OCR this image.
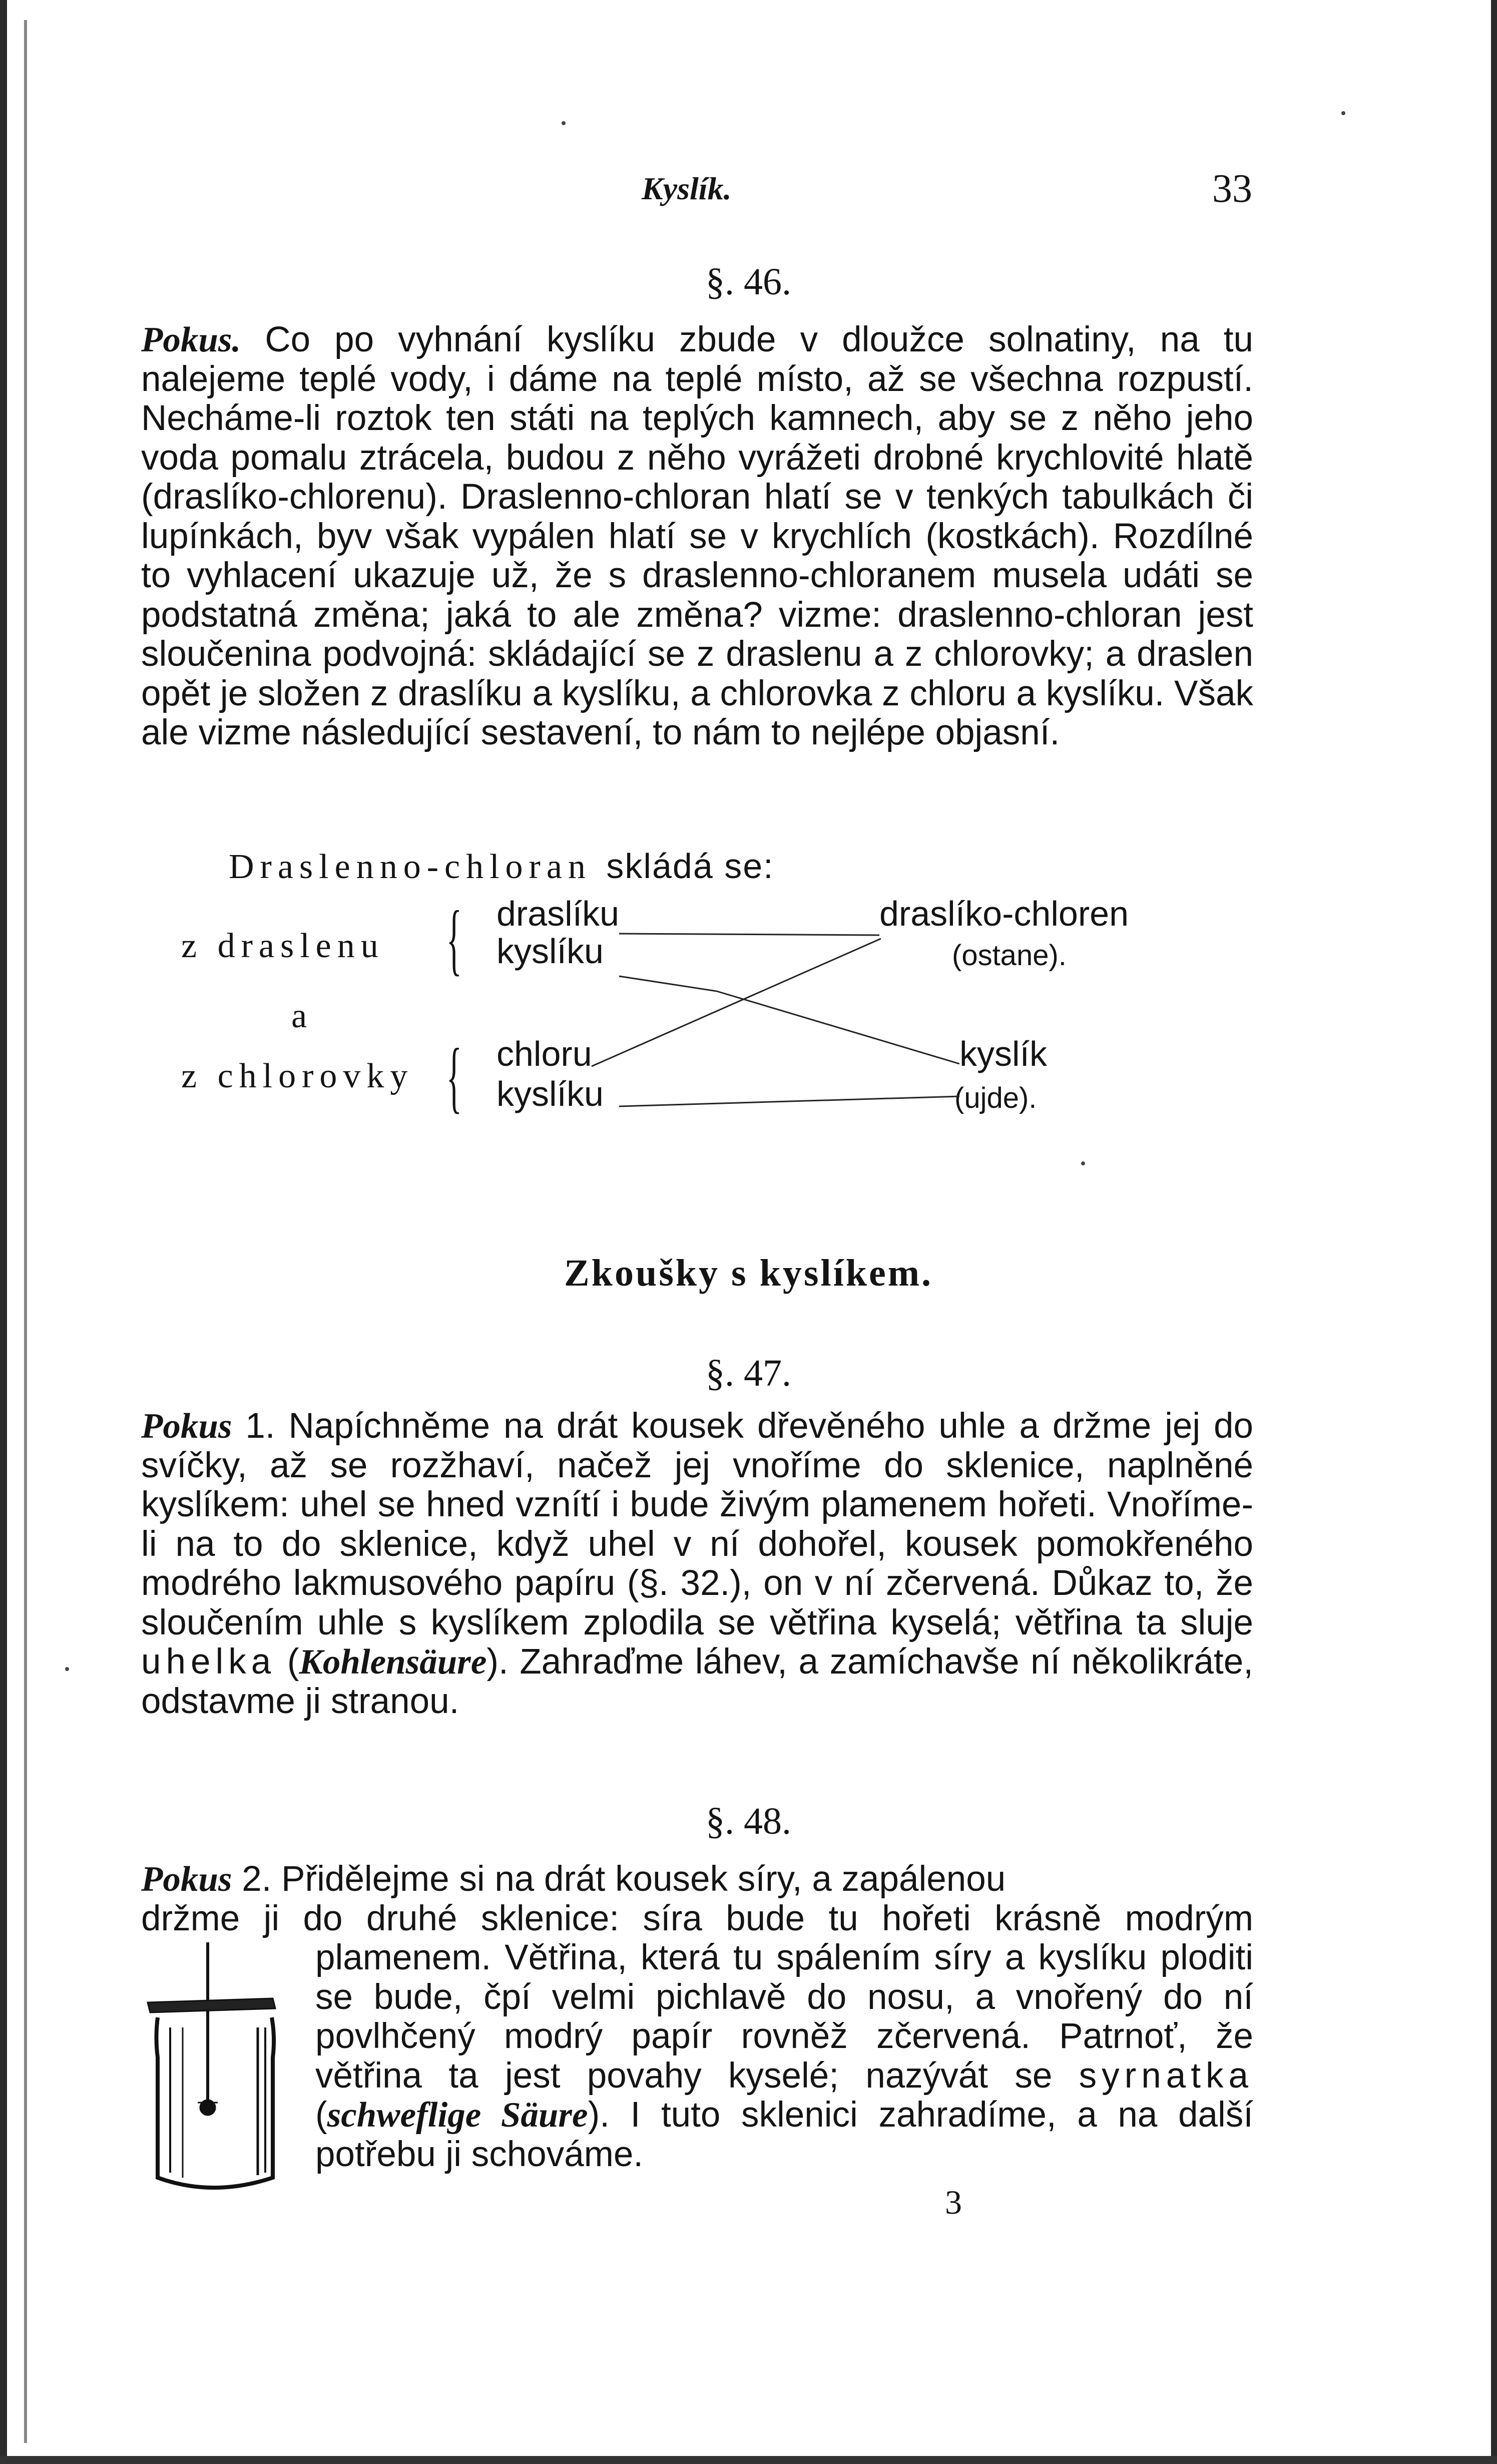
Kyslík.	33
§. 46.

Pokus. Co po vyhnání kyslíku zbude v dloužce solnatiny, na tu nalejeme teplé vody, i dáme na teplé místo, až se všechna rozpustí. Necháme-li roztok ten státi na teplých kamnech, aby se z něho jeho voda pomalu ztrácela, budou z něho vyrážeti drobné krychlovité hlatě (draslíko-chlorenu). Draslenno-chloran hlatí se v tenkých tabulkách či lupínkách, byv však vypálen hlatí se v krychlích (kostkách). Rozdílné to vyhlacení ukazuje už, že s draslenno-chloranem musela udáti se podstatná změna; jaká to ale změna? vizme: draslenno-chloran jest sloučenina podvojná: skládající se z draslenu a z chlorovky; a draslen opět je složen z draslíku a kyslíku, a chlorovka z chloru a kyslíku. Však ale vizme následující sestavení, to nám to nejlépe objasní.

Draslenno-chloran skládá se:
z draslenu
a
z chlorovky
{
{
draslíku
kyslíku
chloru
kyslíku
draslíko-chloren
(ostane).
kyslík
(ujde).
Zkoušky s kyslíkem.
§. 47.

Pokus 1. Napíchněme na drát kousek dřevěného uhle a držme jej do svíčky, až se rozžhaví, načež jej vnoříme do sklenice, naplněné kyslíkem: uhel se hned vznítí i bude živým plamenem hořeti. Vnoříme-li na to do sklenice, když uhel v ní dohořel, kousek pomokřeného modrého lakmusového papíru (§. 32.), on v ní zčervená. Důkaz to, že sloučením uhle s kyslíkem zplodila se větřina kyselá; větřina ta sluje uhelka (Kohlensäure). Zahraďme láhev, a zamíchavše ní několikráte, odstavme ji stranou.

§. 48.

Pokus 2. Přidělejme si na drát kousek síry, a zapálenou

držme ji do druhé sklenice: síra bude tu hořeti krásně modrým

plamenem. Větřina, která tu spálením síry a kyslíku ploditi se bude, čpí velmi pichlavě do nosu, a vnořený do ní povlhčený modrý papír rovněž zčervená. Patrnoť, že větřina ta jest povahy kyselé; nazývát se syrnatka (schweflige Säure). I tuto sklenici zahradíme, a na další potřebu ji schováme.

3
